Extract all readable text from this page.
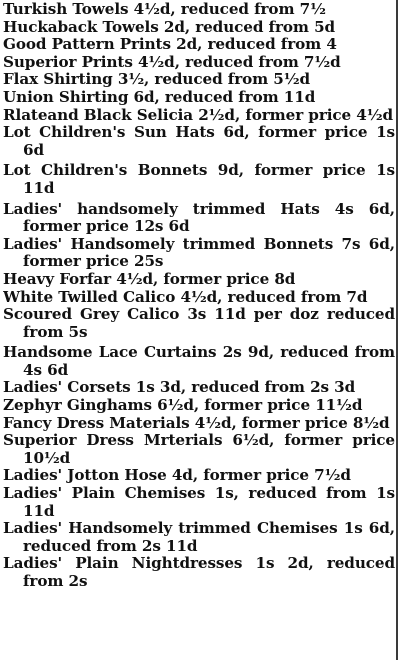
Turkish Towels 4½d, reduced from 7½
Huckaback Towels 2d, reduced from 5d
Good Pattern Prints 2d, reduced from 4
Superior Prints 4½d, reduced from 7½d
Flax Shirting 3½, reduced from 5½d
Union Shirting 6d, reduced from 11d
Rlateand Black Selicia 2½d, former price 4½d
Lot Children's Sun Hats 6d, former price 1s 6d
Lot Children's Bonnets 9d, former price 1s 11d
Ladies' handsomely trimmed Hats 4s 6d, former price 12s 6d
Ladies' Handsomely trimmed Bonnets 7s 6d, former price 25s
Heavy Forfar 4½d, former price 8d
White Twilled Calico 4½d, reduced from 7d
Scoured Grey Calico 3s 11d per doz reduced from 5s
Handsome Lace Curtains 2s 9d, reduced from 4s 6d
Ladies' Corsets 1s 3d, reduced from 2s 3d
Zephyr Ginghams 6½d, former price 11½d
Fancy Dress Materials 4½d, former price 8½d
Superior Dress Mrterials 6½d, former price 10½d
Ladies' Jotton Hose 4d, former price 7½d
Ladies' Plain Chemises 1s, reduced from 1s 11d
Ladies' Handsomely trimmed Chemises 1s 6d, reduced from 2s 11d
Ladies' Plain Nightdresses 1s 2d, reduced from 2s
